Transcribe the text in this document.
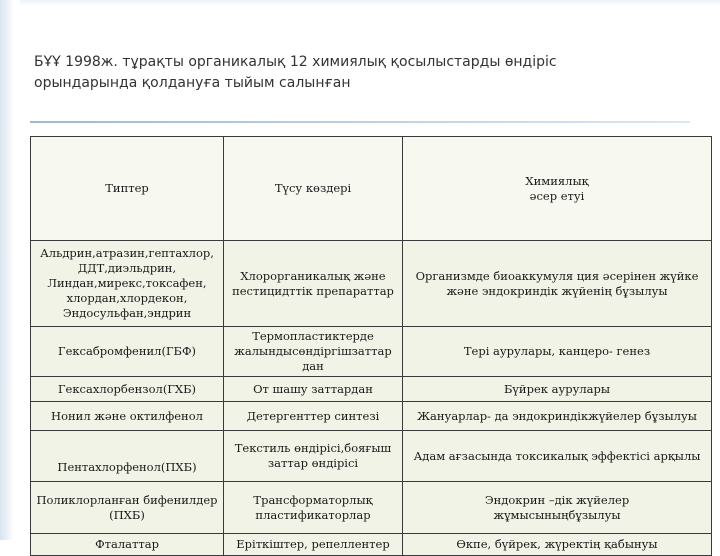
БҰҰ 1998ж. тұрақты органикалық 12 химиялық қосылыстарды өндіріс
орындарында қолдануға тыйым салынған
Типтер	Түсу көздері	Химиялық әсер етуі

Альдрин,атразин,гептахлор, ДДТ,диэльдрин, Линдан,мирекс,токсафен, хлордан,хлордекон, Эндосульфан,эндрин	Хлорорганикалық және пестицидттік препараттар	Организмде биоаккумуля ция әсерінен жүйке және эндокриндік жүйенің бұзылуы
Гексабромфенил(ГБФ)	Термопластиктерде жалындысөндіргішзаттар дан	Тері аурулары, канцеро- генез
Гексахлорбензол(ГХБ)	От шашу заттардан	Бүйрек аурулары
Нонил және октилфенол	Детергенттер синтезі	Жануарлар- да эндокриндікжүйелер бұзылуы
Пентахлорфенол(ПХБ)	Текстиль өндірісі,бояғыш заттар өндірісі	Адам ағзасында токсикалық эффектісі арқылы
Поликлорланған бифенилдер (ПХБ)	Трансформаторлық пластификаторлар	Эндокрин –дік жүйелер жұмысыныңбұзылуы

Фталаттар	Еріткіштер, репеллентер	Өкпе, бүйрек, жүректің қабынуы
